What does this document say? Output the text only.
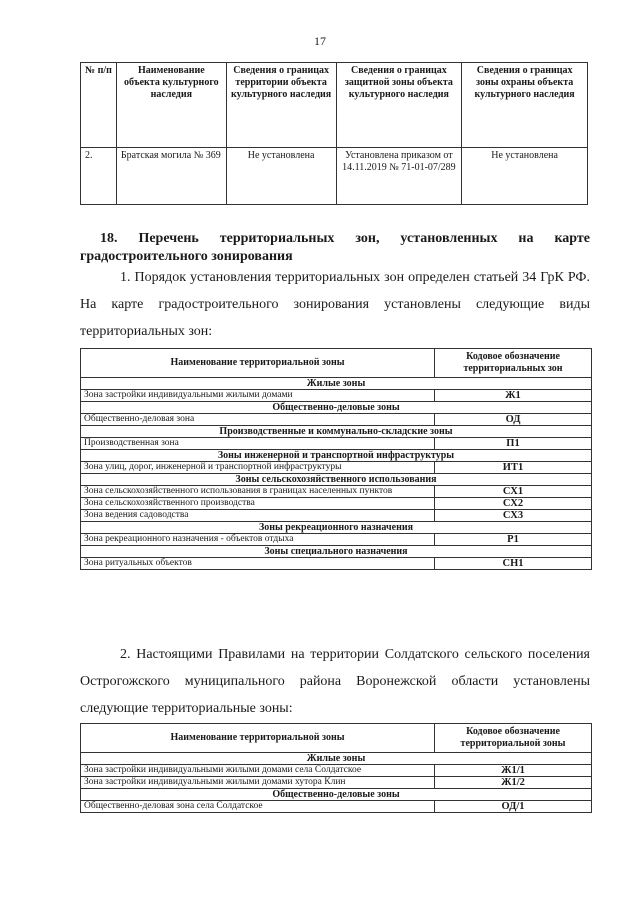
17
№ п/п	Наименование объекта культурного наследия	Сведения о границах территории объекта культурного наследия	Сведения о границах защитной зоны объекта культурного наследия	Сведения о границах зоны охраны объекта культурного наследия
2.	Братская могила № 369	Не установлена	Установлена приказом от 14.11.2019 № 71-01-07/289	Не установлена
18. Перечень территориальных зон, установленных на карте градостроительного зонирования
1. Порядок установления территориальных зон определен статьей 34 ГрК РФ. На карте градостроительного зонирования установлены следующие виды территориальных зон:
Наименование территориальной зоны	Кодовое обозначение территориальных зон
Жилые зоны	
Зона застройки индивидуальными жилыми домами	Ж1
Общественно-деловые зоны	
Общественно-деловая зона	ОД
Производственные и коммунально-складские зоны	
Производственная зона	П1
Зоны инженерной и транспортной инфраструктуры	
Зона улиц, дорог, инженерной и транспортной инфраструктуры	ИТ1
Зоны сельскохозяйственного использования	
Зона сельскохозяйственного использования в границах населенных пунктов	СХ1
Зона сельскохозяйственного производства	СХ2
Зона ведения садоводства	СХ3
Зоны рекреационного назначения	
Зона рекреационного назначения - объектов отдыха	Р1
Зоны специального назначения	
Зона ритуальных объектов	СН1
2. Настоящими Правилами на территории Солдатского сельского поселения Острогожского муниципального района Воронежской области установлены следующие территориальные зоны:
Наименование территориальной зоны	Кодовое обозначение территориальной зоны
Жилые зоны	
Зона застройки индивидуальными жилыми домами села Солдатское	Ж1/1
Зона застройки индивидуальными жилыми домами хутора Клин	Ж1/2
Общественно-деловые зоны	
Общественно-деловая зона села Солдатское	ОД/1
